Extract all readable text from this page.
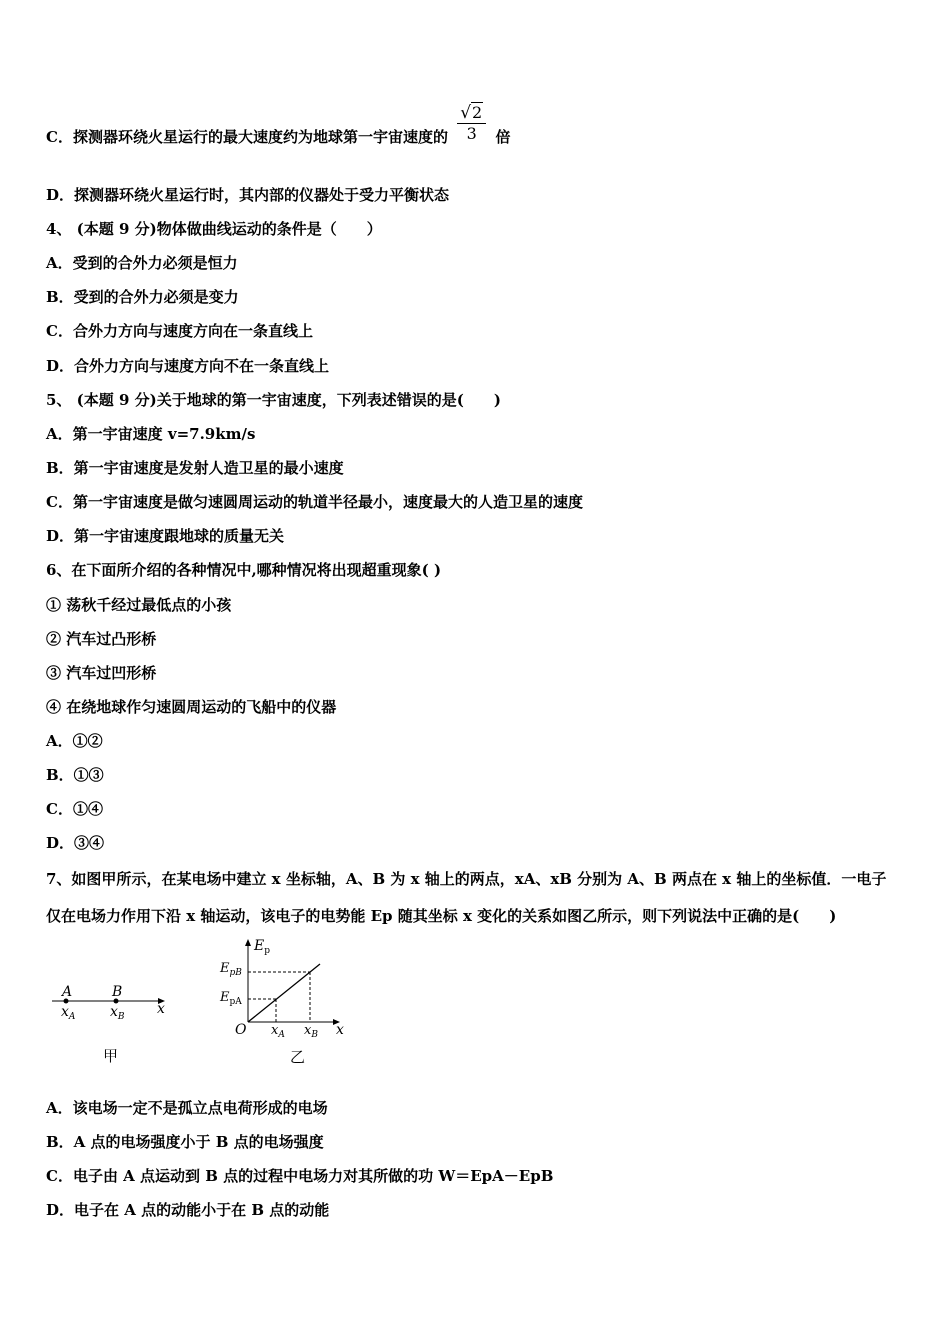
C．探测器环绕火星运行的最大速度约为地球第一宇宙速度的 $\frac{√2}{3}$ 倍
D．探测器环绕火星运行时，其内部的仪器处于受力平衡状态
4、 (本题 9 分)物体做曲线运动的条件是（　　）
A．受到的合外力必须是恒力
B．受到的合外力必须是变力
C．合外力方向与速度方向在一条直线上
D．合外力方向与速度方向不在一条直线上
5、 (本题 9 分)关于地球的第一宇宙速度，下列表述错误的是(　　)
A．第一宇宙速度 v=7.9km/s
B．第一宇宙速度是发射人造卫星的最小速度
C．第一宇宙速度是做匀速圆周运动的轨道半径最小，速度最大的人造卫星的速度
D．第一宇宙速度跟地球的质量无关
6、在下面所介绍的各种情况中,哪种情况将出现超重现象( )
① 荡秋千经过最低点的小孩
② 汽车过凸形桥
③ 汽车过凹形桥
④ 在绕地球作匀速圆周运动的飞船中的仪器
A．①②
B．①③
C．①④
D．③④
7、如图甲所示，在某电场中建立 x 坐标轴，A、B 为 x 轴上的两点，xA、xB 分别为 A、B 两点在 x 轴上的坐标值．一电子
仅在电场力作用下沿 x 轴运动，该电子的电势能 Ep 随其坐标 x 变化的关系如图乙所示，则下列说法中正确的是(　　)
A	B
$x_A$ $x_B$ x
甲
$E_p$
$E_{pB}$
$E_{pA}$
O $x_A$ $x_B$ x
乙
A．该电场一定不是孤立点电荷形成的电场
B．A 点的电场强度小于 B 点的电场强度
C．电子由 A 点运动到 B 点的过程中电场力对其所做的功 W＝EpA－EpB
D．电子在 A 点的动能小于在 B 点的动能
